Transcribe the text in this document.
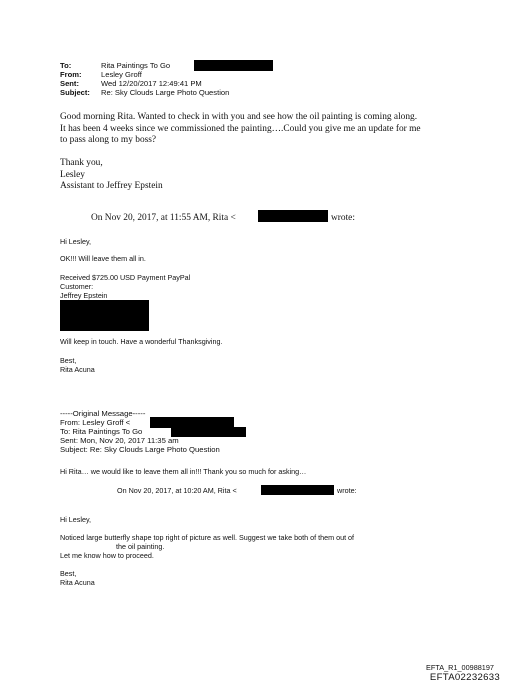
To:	Rita Paintings To Go
From:	Lesley Groff
Sent:	Wed 12/20/2017 12:49:41 PM
Subject: Re: Sky Clouds Large Photo Question
Good morning Rita. Wanted to check in with you and see how the oil painting is coming along.
It has been 4 weeks since we commissioned the painting….Could you give me an update for me
to pass along to my boss?
Thank you,
Lesley
Assistant to Jeffrey Epstein
On Nov 20, 2017, at 11:55 AM, Rita <	wrote:
Hi Lesley,
OK!!! Will leave them all in.
Received $725.00 USD Payment PayPal
Customer:
Jeffrey Epstein
Will keep in touch. Have a wonderful Thanksgiving.
Best,
Rita Acuna
-----Original Message-----
From: Lesley Groff <
To: Rita Paintings To Go
Sent: Mon, Nov 20, 2017 11:35 am
Subject: Re: Sky Clouds Large Photo Question
Hi Rita… we would like to leave them all in!!! Thank you so much for asking…
On Nov 20, 2017, at 10:20 AM, Rita <	wrote:
Hi Lesley,
Noticed large butterfly shape top right of picture as well. Suggest we take both of them out of
the oil painting.
Let me know how to proceed.
Best,
Rita Acuna
EFTA_R1_00988197
EFTA02232633
